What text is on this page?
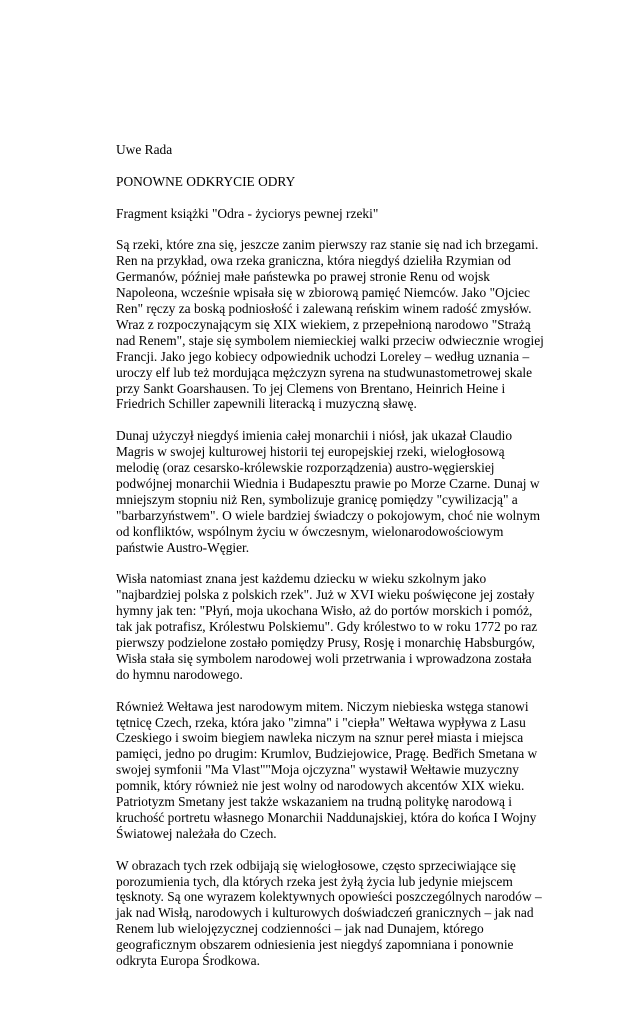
Uwe Rada

PONOWNE ODKRYCIE ODRY

Fragment książki "Odra - życiorys pewnej rzeki"

Są rzeki, które zna się, jeszcze zanim pierwszy raz stanie się nad ich brzegami.
Ren na przykład, owa rzeka graniczna, która niegdyś dzieliła Rzymian od
Germanów, później małe państewka po prawej stronie Renu od wojsk
Napoleona, wcześnie wpisała się w zbiorową pamięć Niemców. Jako "Ojciec
Ren" ręczy za boską podniosłość i zalewaną reńskim winem radość zmysłów.
Wraz z rozpoczynającym się XIX wiekiem, z przepełnioną narodowo "Strażą
nad Renem", staje się symbolem niemieckiej walki przeciw odwiecznie wrogiej
Francji. Jako jego kobiecy odpowiednik uchodzi Loreley – według uznania –
uroczy elf lub też mordująca mężczyzn syrena na studwunastometrowej skale
przy Sankt Goarshausen. To jej Clemens von Brentano, Heinrich Heine i
Friedrich Schiller zapewnili literacką i muzyczną sławę.

Dunaj użyczył niegdyś imienia całej monarchii i niósł, jak ukazał Claudio
Magris w swojej kulturowej historii tej europejskiej rzeki, wielogłosową
melodię (oraz cesarsko-królewskie rozporządzenia) austro-węgierskiej
podwójnej monarchii Wiednia i Budapesztu prawie po Morze Czarne. Dunaj w
mniejszym stopniu niż Ren, symbolizuje granicę pomiędzy "cywilizacją" a
"barbarzyństwem". O wiele bardziej świadczy o pokojowym, choć nie wolnym
od konfliktów, wspólnym życiu w ówczesnym, wielonarodowościowym
państwie Austro-Węgier.

Wisła natomiast znana jest każdemu dziecku w wieku szkolnym jako
"najbardziej polska z polskich rzek". Już w XVI wieku poświęcone jej zostały
hymny jak ten: "Płyń, moja ukochana Wisło, aż do portów morskich i pomóż,
tak jak potrafisz, Królestwu Polskiemu". Gdy królestwo to w roku 1772 po raz
pierwszy podzielone zostało pomiędzy Prusy, Rosję i monarchię Habsburgów,
Wisła stała się symbolem narodowej woli przetrwania i wprowadzona została
do hymnu narodowego.

Również Wełtawa jest narodowym mitem. Niczym niebieska wstęga stanowi
tętnicę Czech, rzeka, która jako "zimna" i "ciepła" Wełtawa wypływa z Lasu
Czeskiego i swoim biegiem nawleka niczym na sznur pereł miasta i miejsca
pamięci, jedno po drugim: Krumlov, Budziejowice, Pragę. Bedřich Smetana w
swojej symfonii "Ma Vlast""Moja ojczyzna" wystawił Wełtawie muzyczny
pomnik, który również nie jest wolny od narodowych akcentów XIX wieku.
Patriotyzm Smetany jest także wskazaniem na trudną politykę narodową i
kruchość portretu własnego Monarchii Naddunajskiej, która do końca I Wojny
Światowej należała do Czech.

W obrazach tych rzek odbijają się wielogłosowe, często sprzeciwiające się
porozumienia tych, dla których rzeka jest żyłą życia lub jedynie miejscem
tęsknoty. Są one wyrazem kolektywnych opowieści poszczególnych narodów –
jak nad Wisłą, narodowych i kulturowych doświadczeń granicznych – jak nad
Renem lub wielojęzycznej codzienności – jak nad Dunajem, którego
geograficznym obszarem odniesienia jest niegdyś zapomniana i ponownie
odkryta Europa Środkowa.
